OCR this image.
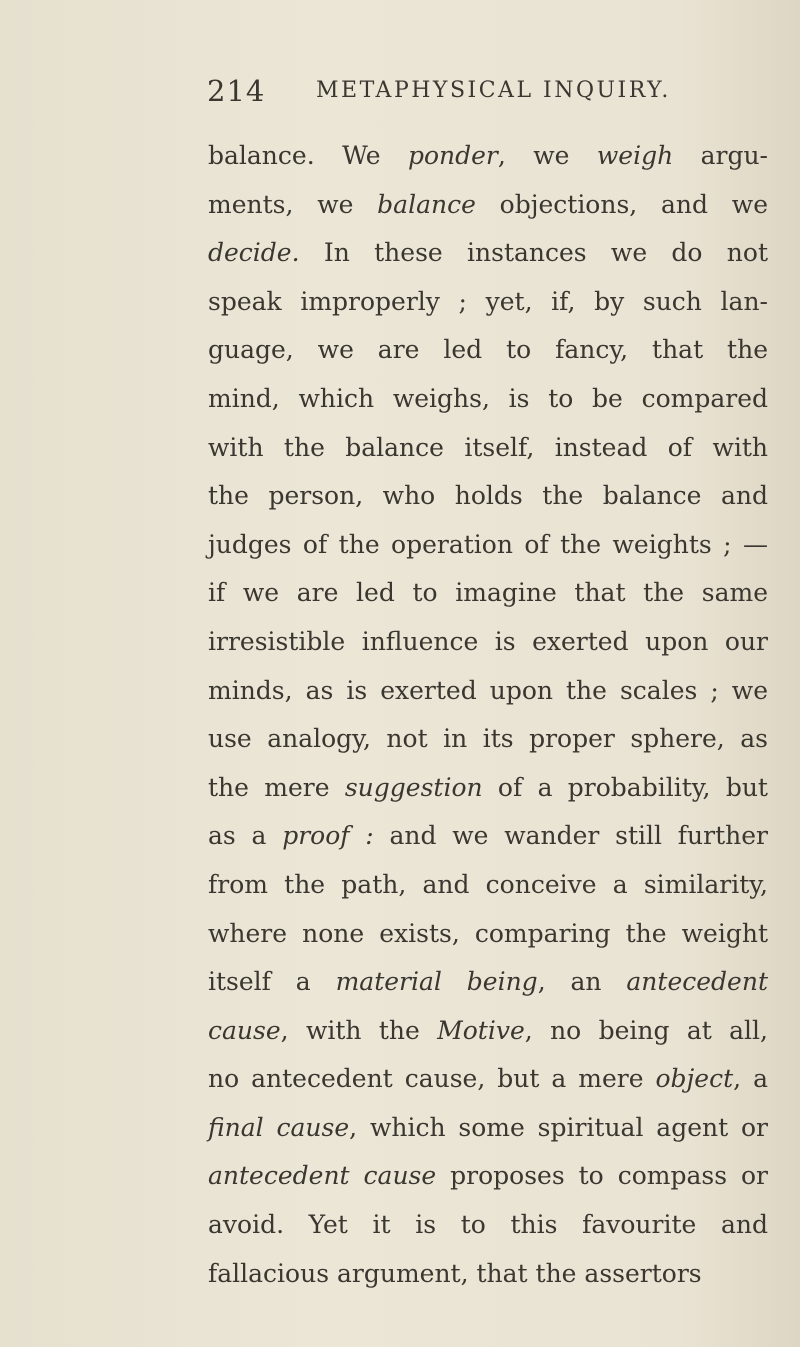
214 METAPHYSICAL INQUIRY.
balance. We ponder, we weigh argu-
ments, we balance objections, and we
decide. In these instances we do not
speak improperly ; yet, if, by such lan-
guage, we are led to fancy, that the
mind, which weighs, is to be compared
with the balance itself, instead of with
the person, who holds the balance and
judges of the operation of the weights ; —
if we are led to imagine that the same
irresistible influence is exerted upon our
minds, as is exerted upon the scales ; we
use analogy, not in its proper sphere, as
the mere suggestion of a probability, but
as a proof : and we wander still further
from the path, and conceive a similarity,
where none exists, comparing the weight
itself a material being, an antecedent
cause, with the Motive, no being at all,
no antecedent cause, but a mere object, a
final cause, which some spiritual agent or
antecedent cause proposes to compass or
avoid. Yet it is to this favourite and
fallacious argument, that the assertors
